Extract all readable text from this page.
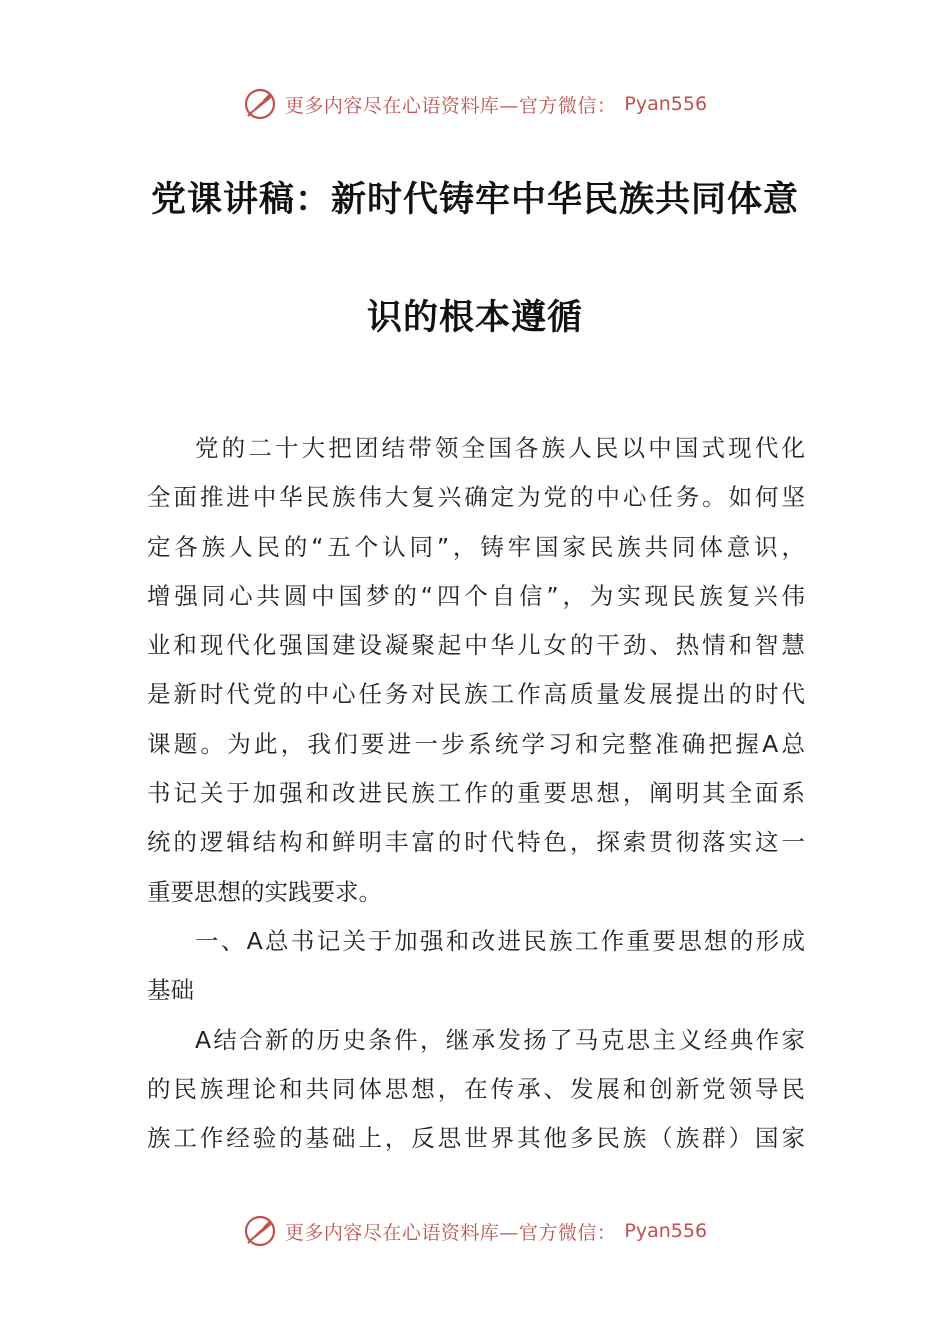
更多内容尽在心语资料库—官方微信： Pyan556
党课讲稿：新时代铸牢中华民族共同体意
识的根本遵循
党的二十大把团结带领全国各族人民以中国式现代化
全面推进中华民族伟大复兴确定为党的中心任务。如何坚
定各族人民的“五个认同”，铸牢国家民族共同体意识，
增强同心共圆中国梦的“四个自信”，为实现民族复兴伟
业和现代化强国建设凝聚起中华儿女的干劲、热情和智慧
是新时代党的中心任务对民族工作高质量发展提出的时代
课题。为此，我们要进一步系统学习和完整准确把握A总
书记关于加强和改进民族工作的重要思想，阐明其全面系
统的逻辑结构和鲜明丰富的时代特色，探索贯彻落实这一
重要思想的实践要求。
一、A总书记关于加强和改进民族工作重要思想的形成
基础
A结合新的历史条件，继承发扬了马克思主义经典作家
的民族理论和共同体思想，在传承、发展和创新党领导民
族工作经验的基础上，反思世界其他多民族（族群）国家
更多内容尽在心语资料库—官方微信： Pyan556
